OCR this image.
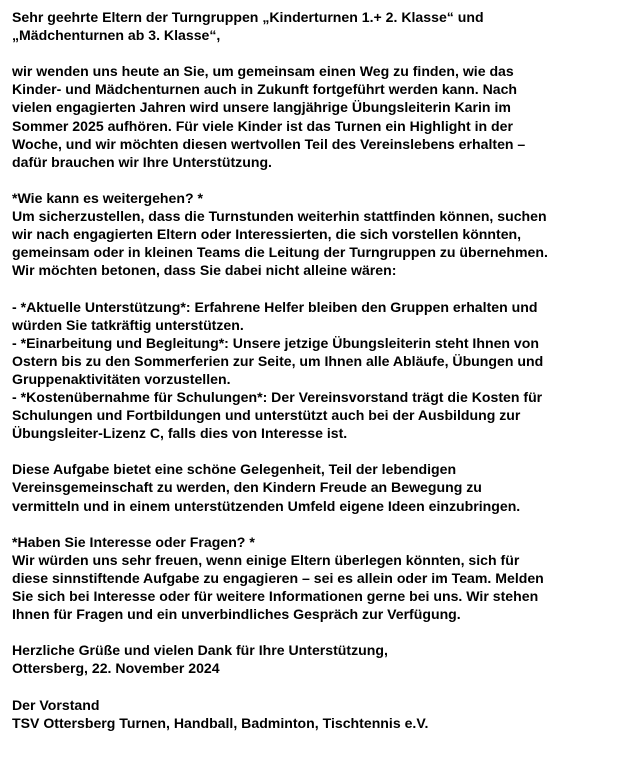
Sehr geehrte Eltern der Turngruppen „Kinderturnen 1.+ 2. Klasse“ und
„Mädchenturnen ab 3. Klasse“,
wir wenden uns heute an Sie, um gemeinsam einen Weg zu finden, wie das
Kinder- und Mädchenturnen auch in Zukunft fortgeführt werden kann. Nach
vielen engagierten Jahren wird unsere langjährige Übungsleiterin Karin im
Sommer 2025 aufhören. Für viele Kinder ist das Turnen ein Highlight in der
Woche, und wir möchten diesen wertvollen Teil des Vereinslebens erhalten –
dafür brauchen wir Ihre Unterstützung.
*Wie kann es weitergehen? *
Um sicherzustellen, dass die Turnstunden weiterhin stattfinden können, suchen
wir nach engagierten Eltern oder Interessierten, die sich vorstellen könnten,
gemeinsam oder in kleinen Teams die Leitung der Turngruppen zu übernehmen.
Wir möchten betonen, dass Sie dabei nicht alleine wären:
- *Aktuelle Unterstützung*: Erfahrene Helfer bleiben den Gruppen erhalten und
würden Sie tatkräftig unterstützen.
- *Einarbeitung und Begleitung*: Unsere jetzige Übungsleiterin steht Ihnen von
Ostern bis zu den Sommerferien zur Seite, um Ihnen alle Abläufe, Übungen und
Gruppenaktivitäten vorzustellen.
- *Kostenübernahme für Schulungen*: Der Vereinsvorstand trägt die Kosten für
Schulungen und Fortbildungen und unterstützt auch bei der Ausbildung zur
Übungsleiter-Lizenz C, falls dies von Interesse ist.
Diese Aufgabe bietet eine schöne Gelegenheit, Teil der lebendigen
Vereinsgemeinschaft zu werden, den Kindern Freude an Bewegung zu
vermitteln und in einem unterstützenden Umfeld eigene Ideen einzubringen.
*Haben Sie Interesse oder Fragen? *
Wir würden uns sehr freuen, wenn einige Eltern überlegen könnten, sich für
diese sinnstiftende Aufgabe zu engagieren – sei es allein oder im Team. Melden
Sie sich bei Interesse oder für weitere Informationen gerne bei uns. Wir stehen
Ihnen für Fragen und ein unverbindliches Gespräch zur Verfügung.
Herzliche Grüße und vielen Dank für Ihre Unterstützung,
Ottersberg, 22. November 2024
Der Vorstand
TSV Ottersberg Turnen, Handball, Badminton, Tischtennis e.V.
